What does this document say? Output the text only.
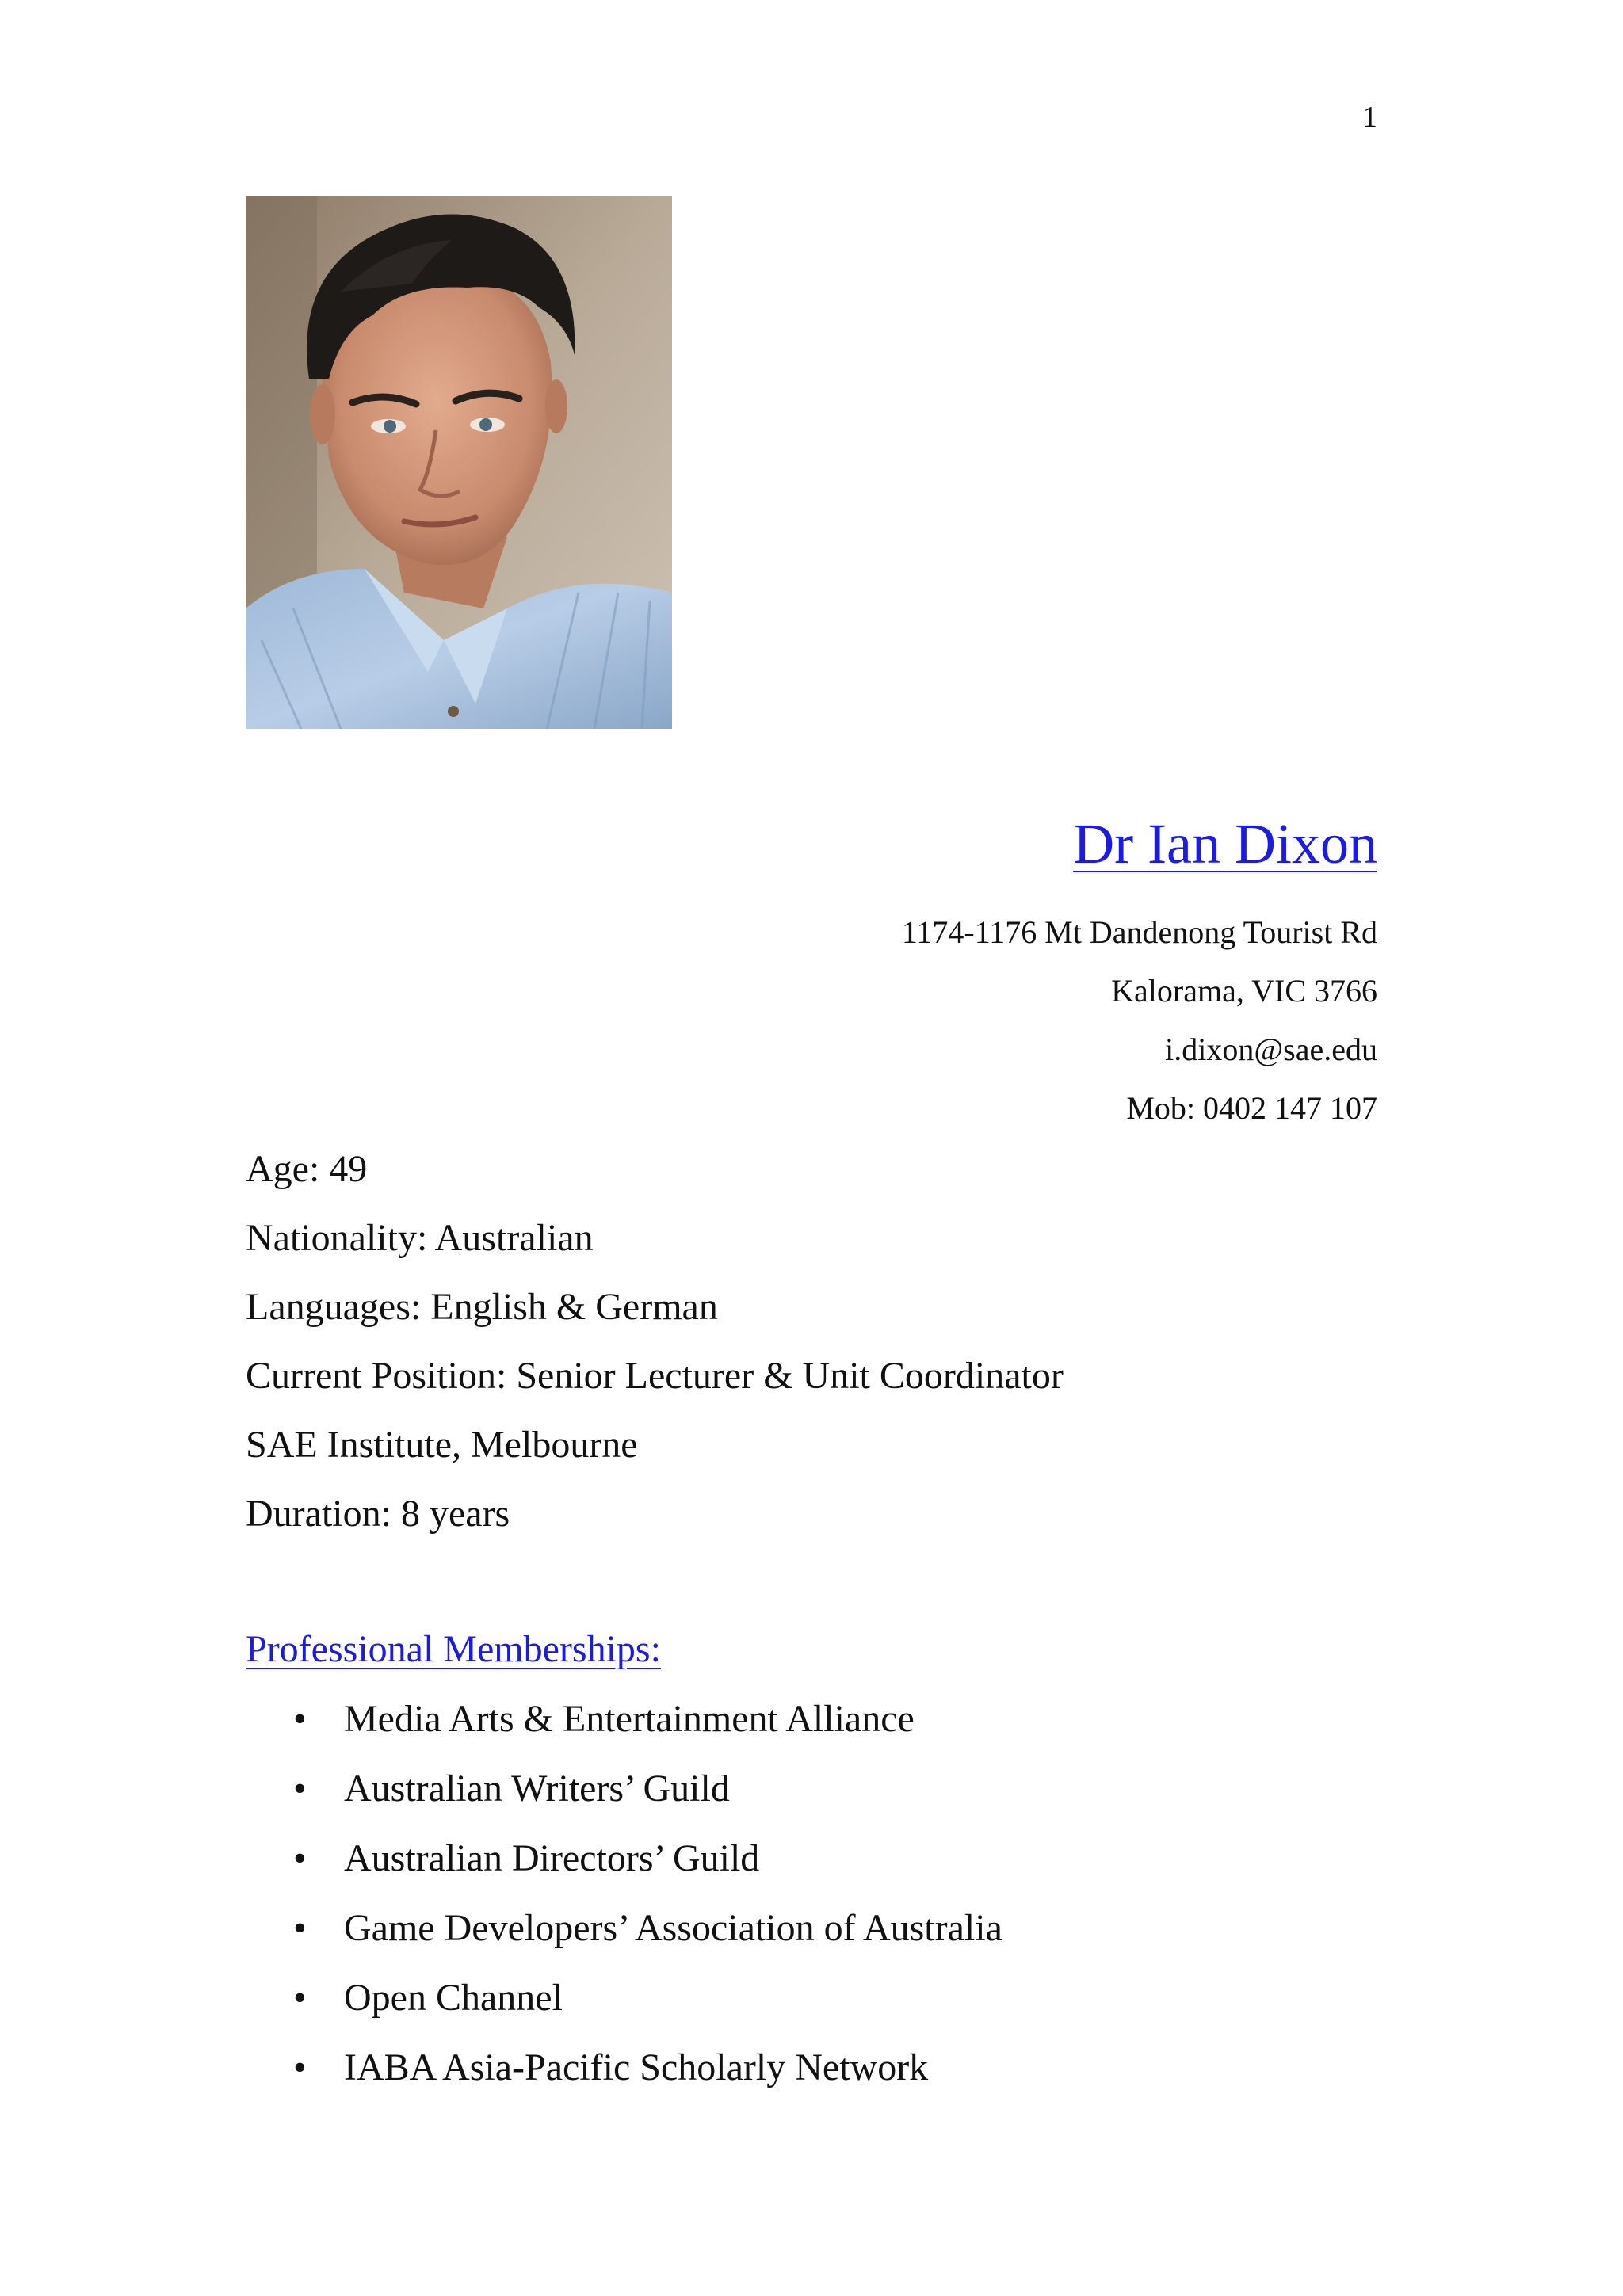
1
Dr Ian Dixon
1174-1176 Mt Dandenong Tourist Rd
Kalorama, VIC 3766
i.dixon@sae.edu
Mob: 0402 147 107
Age: 49
Nationality: Australian
Languages: English & German
Current Position: Senior Lecturer & Unit Coordinator
SAE Institute, Melbourne
Duration: 8 years
Professional Memberships:
• Media Arts & Entertainment Alliance
• Australian Writers’ Guild
• Australian Directors’ Guild
• Game Developers’ Association of Australia
• Open Channel
• IABA Asia-Pacific Scholarly Network
